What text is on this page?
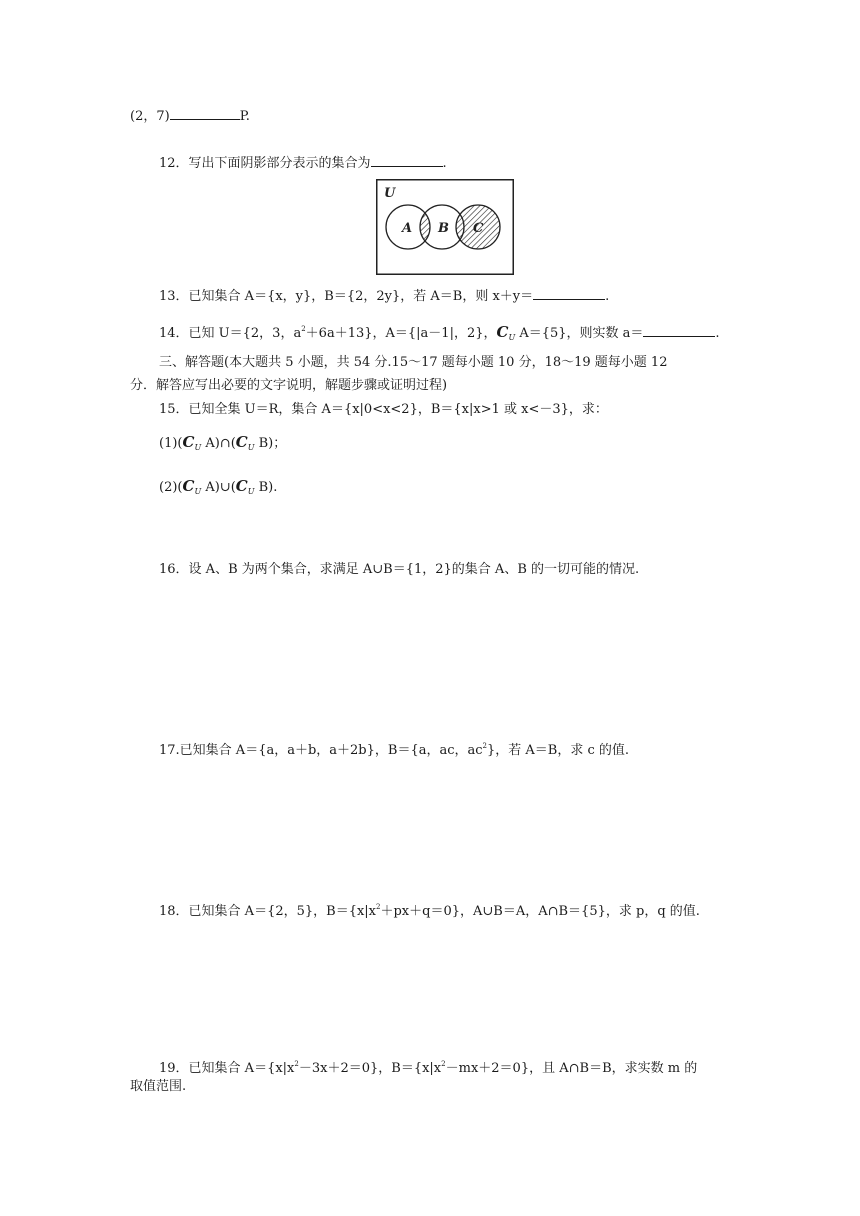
(2，7)	P.
12．写出下面阴影部分表示的集合为	.
U
A B C
13．已知集合 A＝{x，y}，B＝{2，2y}，若 A＝B，则 x＋y＝	.
14．已知 U＝{2，3，$a^2+6a+13$}，A＝{|a－1|，2}，$C_U$ A＝{5}，则实数 a＝	.
三、解答题(本大题共 5 小题，共 54 分.15～17 题每小题 10 分，18～19 题每小题 12
分．解答应写出必要的文字说明，解题步骤或证明过程)
15．已知全集 U＝R，集合 A＝{x|0<x<2}，B＝{x|x>1 或 x<－3}，求：
$(1)(C_U$ $A)\cap(C_U$ B)；
$(2)(C_U$ $A)\cup(C_U$ B).
16．设 A、B 为两个集合，求满足 A∪B＝{1，2}的集合 A、B 的一切可能的情况.
17.已知集合 A＝{a，a＋b，a＋2b}，B＝{a，ac，$ac^2$}，若 A＝B，求 c 的值.
18．已知集合 A＝{2，5}，$B=\{x|x^2+px+q=0\}$，A∪B＝A，A∩B＝{5}，求 p，q 的值.
19．已知集合 $A=\{x|x^2-3x+2=0\}$，$B=\{x|x^2-mx+2=0\}$，且 A∩B＝B，求实数 m 的
取值范围.
